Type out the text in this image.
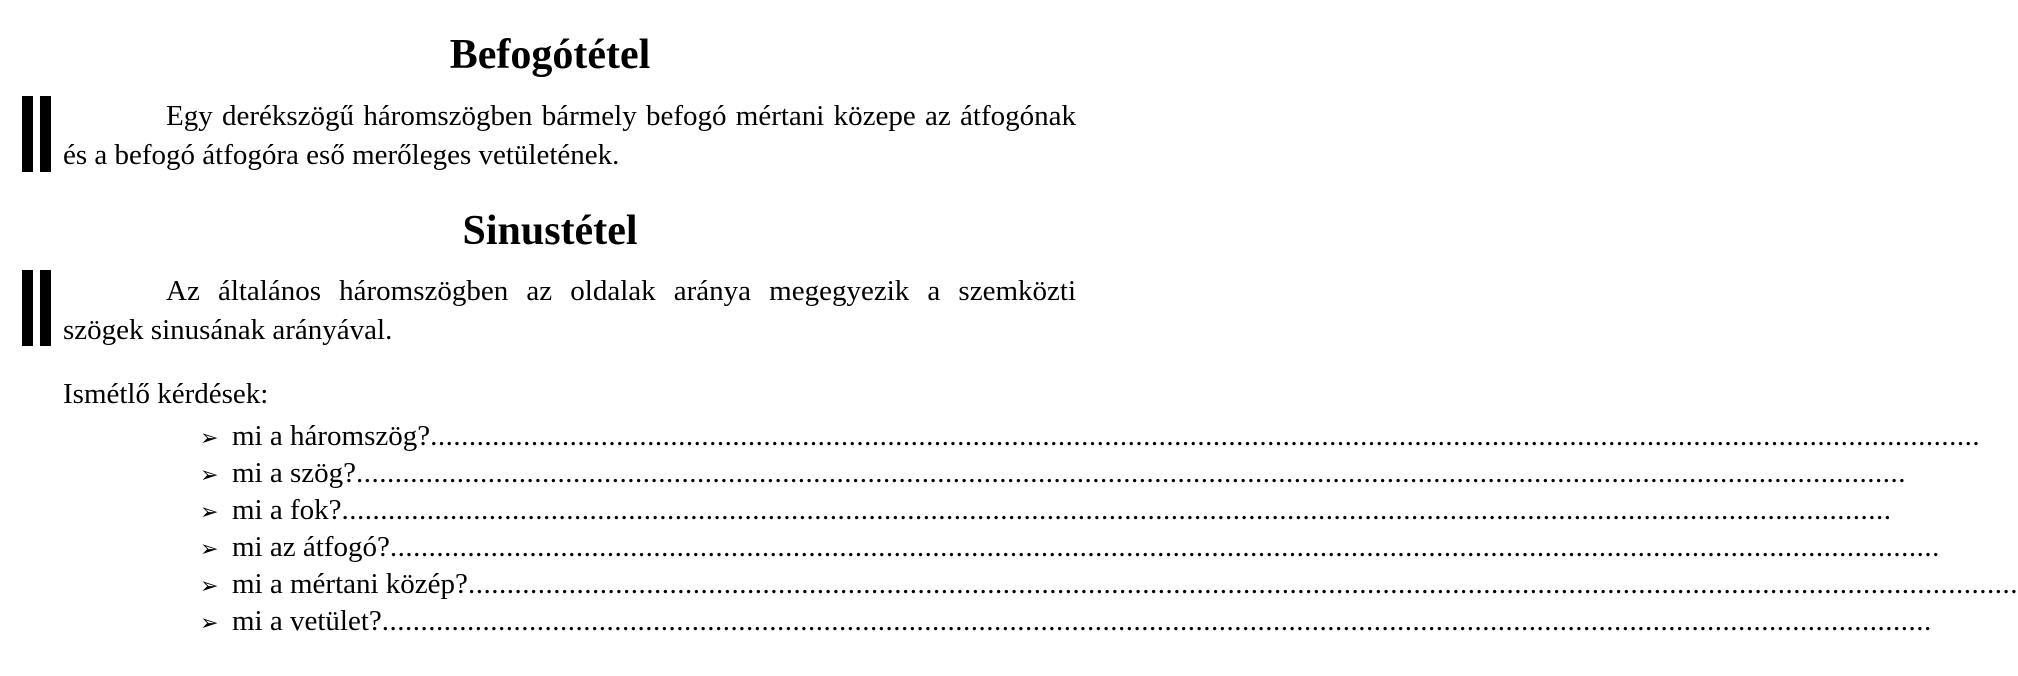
Befogótétel

Egy derékszögű háromszögben bármely befogó mértani közepe az átfogónak és a befogó átfogóra eső merőleges vetületének.

Sinustétel

Az általános háromszögben az oldalak aránya megegyezik a szemközti szögek sinusának arányával.

Ismétlő kérdések:

➢ mi a háromszög? ........................................................................................................................................................................................................
➢ mi a szög? ........................................................................................................................................................................................................
➢ mi a fok? ........................................................................................................................................................................................................
➢ mi az átfogó? ........................................................................................................................................................................................................
➢ mi a mértani közép? ........................................................................................................................................................................................................
➢ mi a vetület? ........................................................................................................................................................................................................
